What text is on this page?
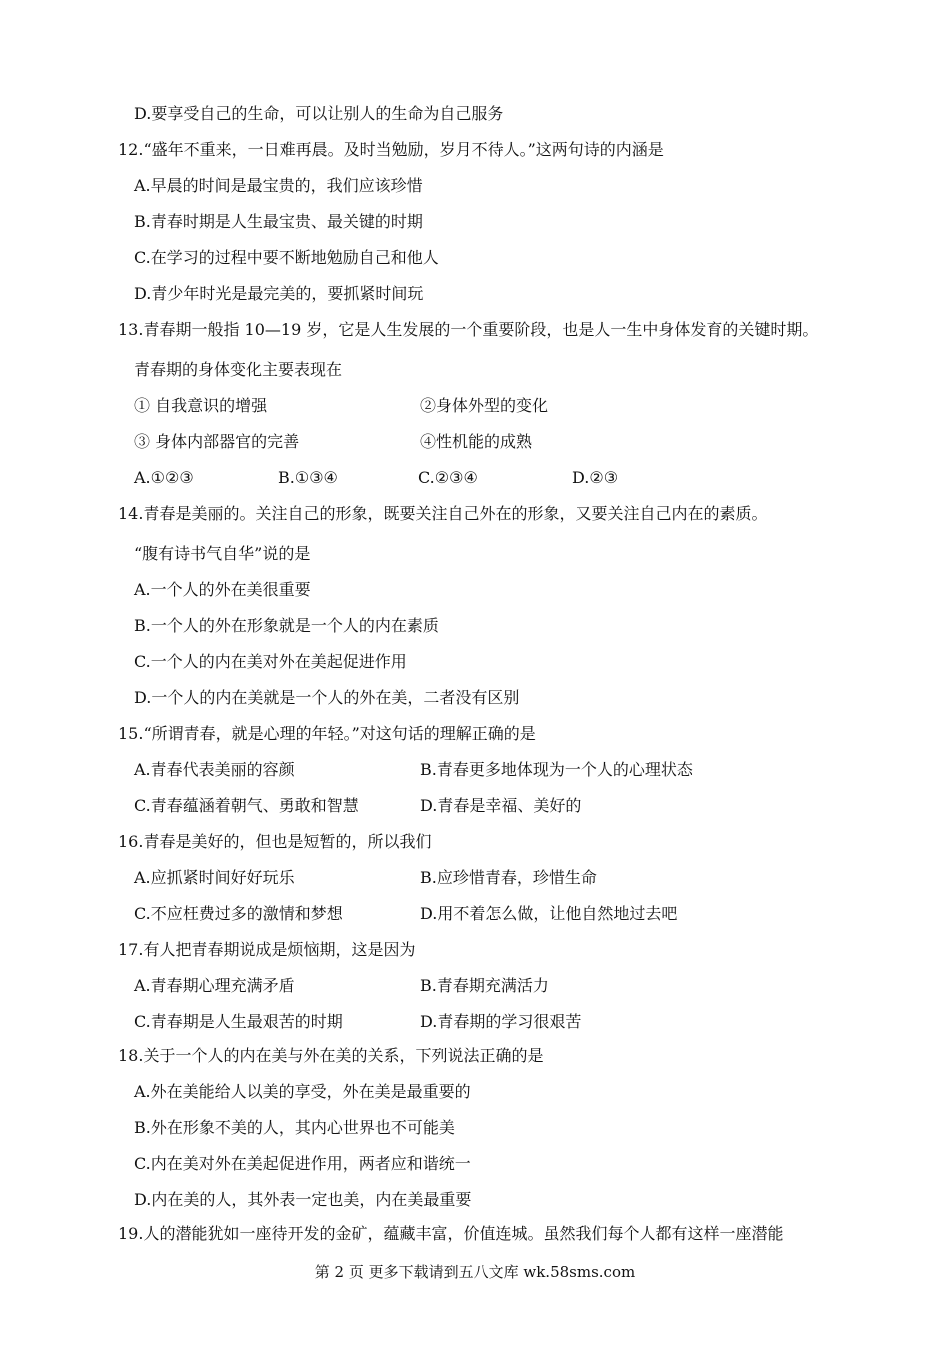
D.要享受自己的生命，可以让别人的生命为自己服务
12.“盛年不重来，一日难再晨。及时当勉励，岁月不待人。”这两句诗的内涵是
A.早晨的时间是最宝贵的，我们应该珍惜
B.青春时期是人生最宝贵、最关键的时期
C.在学习的过程中要不断地勉励自己和他人
D.青少年时光是最完美的，要抓紧时间玩
13.青春期一般指 10—19 岁，它是人生发展的一个重要阶段，也是人一生中身体发育的关键时期。
青春期的身体变化主要表现在
① 自我意识的增强	②身体外型的变化
③ 身体内部器官的完善	④性机能的成熟
A.①②③	B.①③④	C.②③④	D.②③
14.青春是美丽的。关注自己的形象，既要关注自己外在的形象，又要关注自己内在的素质。
“腹有诗书气自华”说的是
A.一个人的外在美很重要
B.一个人的外在形象就是一个人的内在素质
C.一个人的内在美对外在美起促进作用
D.一个人的内在美就是一个人的外在美，二者没有区别
15.“所谓青春，就是心理的年轻。”对这句话的理解正确的是
A.青春代表美丽的容颜	B.青春更多地体现为一个人的心理状态
C.青春蕴涵着朝气、勇敢和智慧	D.青春是幸福、美好的
16.青春是美好的，但也是短暂的，所以我们
A.应抓紧时间好好玩乐	B.应珍惜青春，珍惜生命
C.不应枉费过多的激情和梦想	D.用不着怎么做，让他自然地过去吧
17.有人把青春期说成是烦恼期，这是因为
A.青春期心理充满矛盾	B.青春期充满活力
C.青春期是人生最艰苦的时期	D.青春期的学习很艰苦
18.关于一个人的内在美与外在美的关系，下列说法正确的是
A.外在美能给人以美的享受，外在美是最重要的
B.外在形象不美的人，其内心世界也不可能美
C.内在美对外在美起促进作用，两者应和谐统一
D.内在美的人，其外表一定也美，内在美最重要
19.人的潜能犹如一座待开发的金矿，蕴藏丰富，价值连城。虽然我们每个人都有这样一座潜能
第 2 页 更多下载请到五八文库 wk.58sms.com
